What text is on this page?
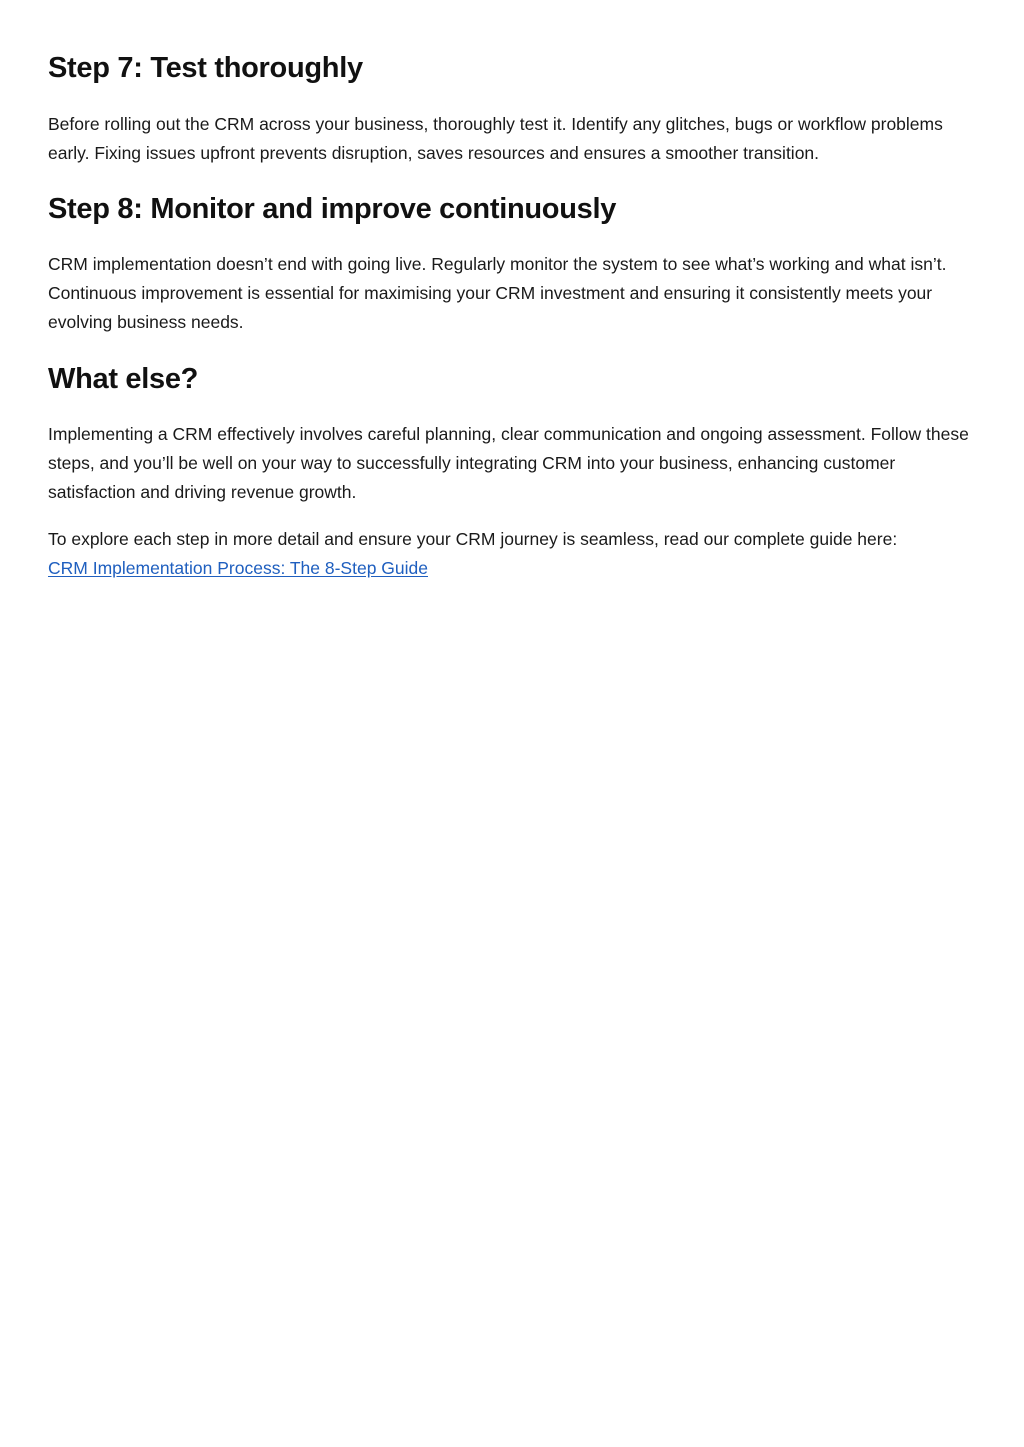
Step 7: Test thoroughly

Before rolling out the CRM across your business, thoroughly test it. Identify any glitches, bugs or workflow problems early. Fixing issues upfront prevents disruption, saves resources and ensures a smoother transition.

Step 8: Monitor and improve continuously

CRM implementation doesn’t end with going live. Regularly monitor the system to see what’s working and what isn’t. Continuous improvement is essential for maximising your CRM investment and ensuring it consistently meets your evolving business needs.

What else?

Implementing a CRM effectively involves careful planning, clear communication and ongoing assessment. Follow these steps, and you’ll be well on your way to successfully integrating CRM into your business, enhancing customer satisfaction and driving revenue growth.

To explore each step in more detail and ensure your CRM journey is seamless, read our complete guide here:
CRM Implementation Process: The 8-Step Guide
